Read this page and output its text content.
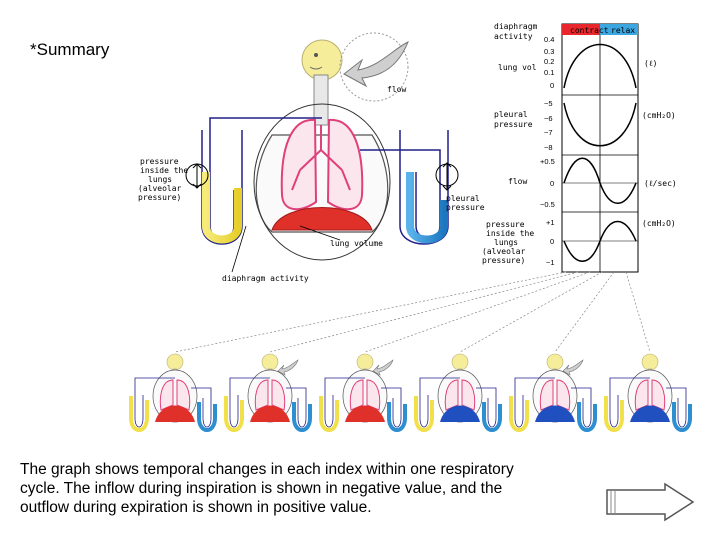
*Summary
flow
pressure
inside the
lungs
(alveolar
pressure)	pleural
pressure
lung volume
diaphragm activity
contract relax
diaphragm
activity
lung vol
0.4
0.3
0.2
0.1
0
(ℓ)
pleural
pressure
−5
−6
−7
−8
(cmH₂O)
flow
+0.5
0
−0.5
(ℓ/sec)
pressure
inside the
lungs
(alveolar
pressure)
+1
0
−1
(cmH₂O)
The graph shows temporal changes in each index within one respiratory
cycle. The inflow during inspiration is shown in negative value, and the
outflow during expiration is shown in positive value.
